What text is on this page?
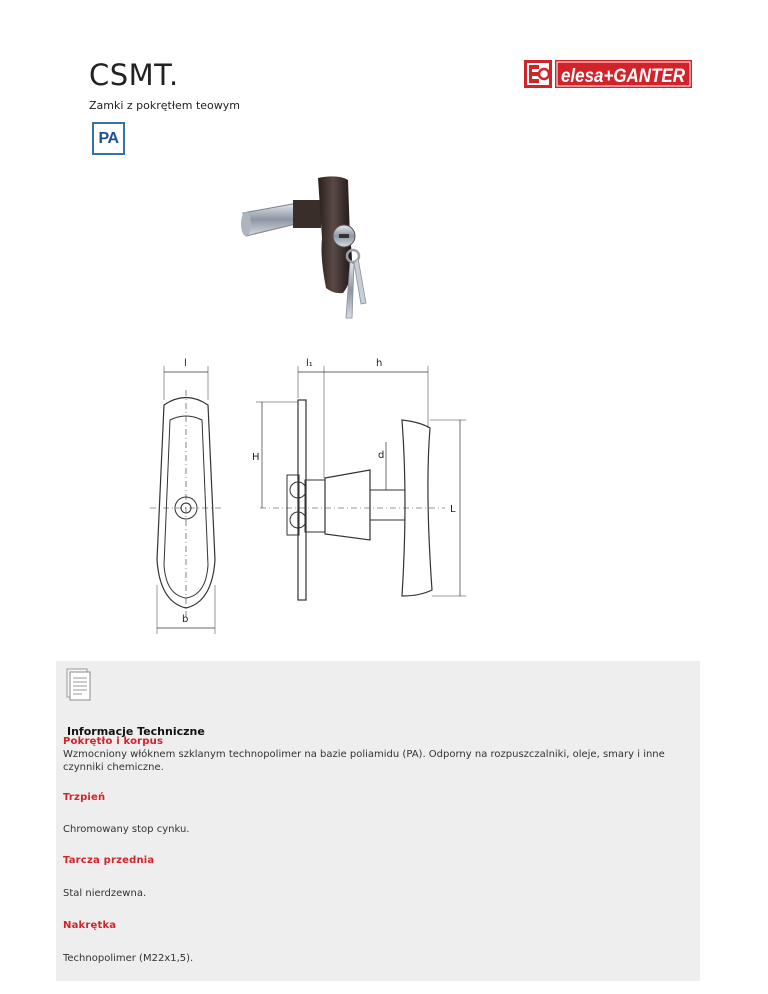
CSMT.
Zamki z pokrętłem teowym
elesa+GANTER
PA
l	l₁	h
H	d
L
b
Informacje Techniczne
Pokrętło i korpus
Wzmocniony włóknem szklanym technopolimer na bazie poliamidu (PA). Odporny na rozpuszczalniki, oleje, smary i inne czynniki chemiczne.
Trzpień
Chromowany stop cynku.
Tarcza przednia
Stal nierdzewna.
Nakrętka
Technopolimer (M22x1,5).
